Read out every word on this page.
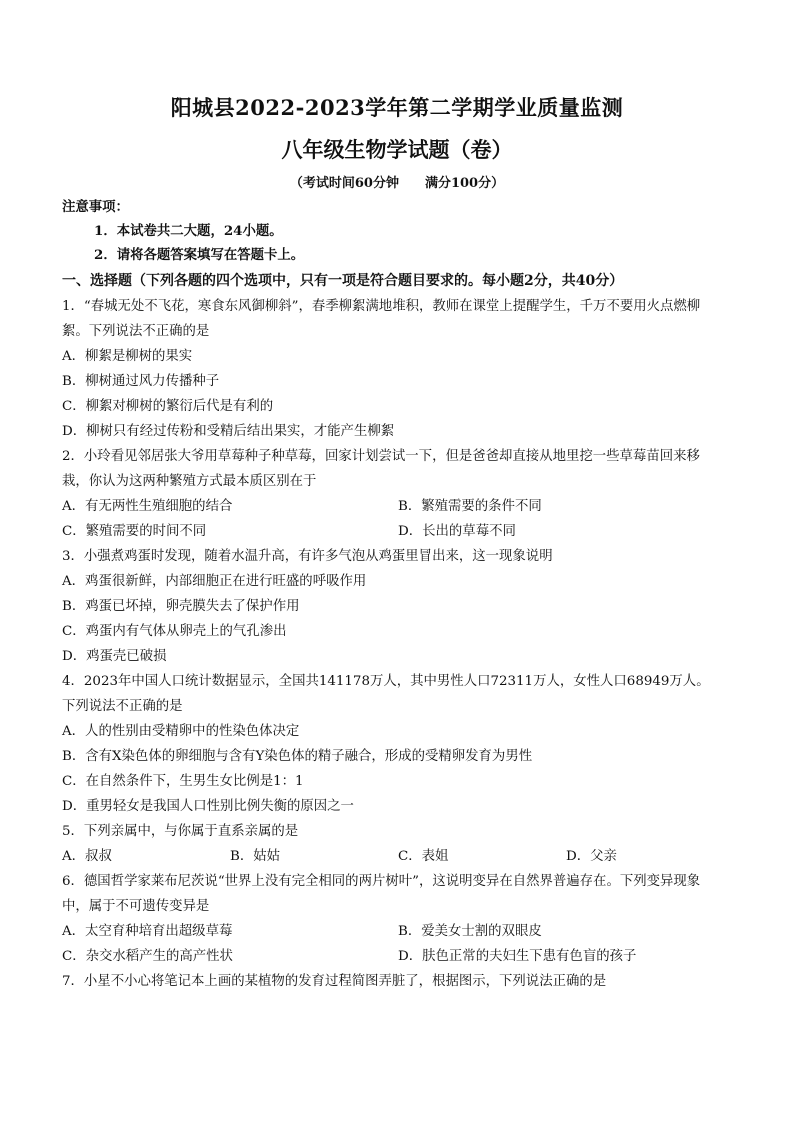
阳城县2022-2023学年第二学期学业质量监测
八年级生物学试题（卷）
（考试时间60分钟 满分100分）
注意事项：
1．本试卷共二大题，24小题。
2．请将各题答案填写在答题卡上。
一、选择题（下列各题的四个选项中，只有一项是符合题目要求的。每小题2分，共40分）
1．“春城无处不飞花，寒食东风御柳斜”，春季柳絮满地堆积，教师在课堂上提醒学生，千万不要用火点燃柳
絮。下列说法不正确的是
A．柳絮是柳树的果实
B．柳树通过风力传播种子
C．柳絮对柳树的繁衍后代是有利的
D．柳树只有经过传粉和受精后结出果实，才能产生柳絮
2．小玲看见邻居张大爷用草莓种子种草莓，回家计划尝试一下，但是爸爸却直接从地里挖一些草莓苗回来移
栽，你认为这两种繁殖方式最本质区别在于
A．有无两性生殖细胞的结合	B．繁殖需要的条件不同
C．繁殖需要的时间不同	D．长出的草莓不同
3．小强煮鸡蛋时发现，随着水温升高，有许多气泡从鸡蛋里冒出来，这一现象说明
A．鸡蛋很新鲜，内部细胞正在进行旺盛的呼吸作用
B．鸡蛋已坏掉，卵壳膜失去了保护作用
C．鸡蛋内有气体从卵壳上的气孔渗出
D．鸡蛋壳已破损
4．2023年中国人口统计数据显示，全国共141178万人，其中男性人口72311万人，女性人口68949万人。
下列说法不正确的是
A．人的性别由受精卵中的性染色体决定
B．含有X染色体的卵细胞与含有Y染色体的精子融合，形成的受精卵发育为男性
C．在自然条件下，生男生女比例是1：1
D．重男轻女是我国人口性别比例失衡的原因之一
5．下列亲属中，与你属于直系亲属的是
A．叔叔	B．姑姑	C．表姐	D．父亲
6．德国哲学家莱布尼茨说“世界上没有完全相同的两片树叶”，这说明变异在自然界普遍存在。下列变异现象
中，属于不可遗传变异是
A．太空育种培育出超级草莓	B．爱美女士割的双眼皮
C．杂交水稻产生的高产性状	D．肤色正常的夫妇生下患有色盲的孩子
7．小星不小心将笔记本上画的某植物的发育过程简图弄脏了，根据图示，下列说法正确的是
